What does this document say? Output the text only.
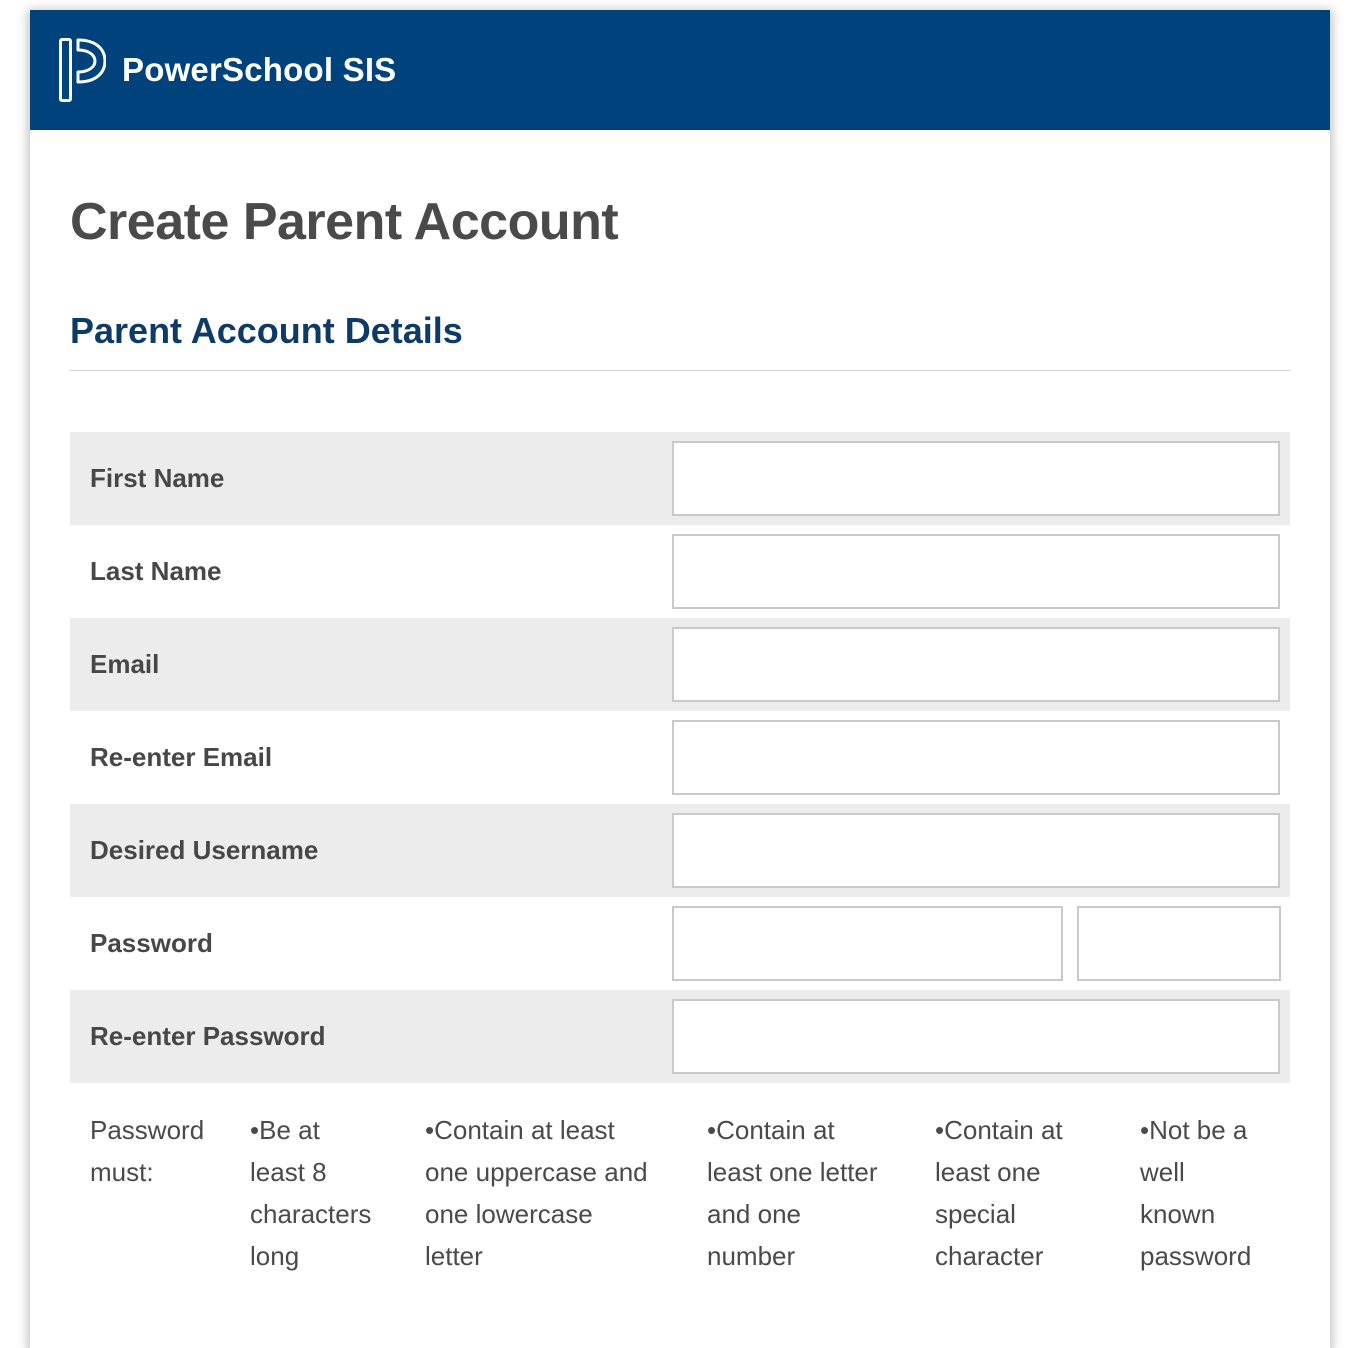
PowerSchool SIS
Create Parent Account
Parent Account Details
First Name
Last Name
Email
Re-enter Email
Desired Username
Password
Re-enter Password
Password
must:
•Be at
least 8
characters
long
•Contain at least
one uppercase and
one lowercase
letter
•Contain at
least one letter
and one
number
•Contain at
least one
special
character
•Not be a
well
known
password
